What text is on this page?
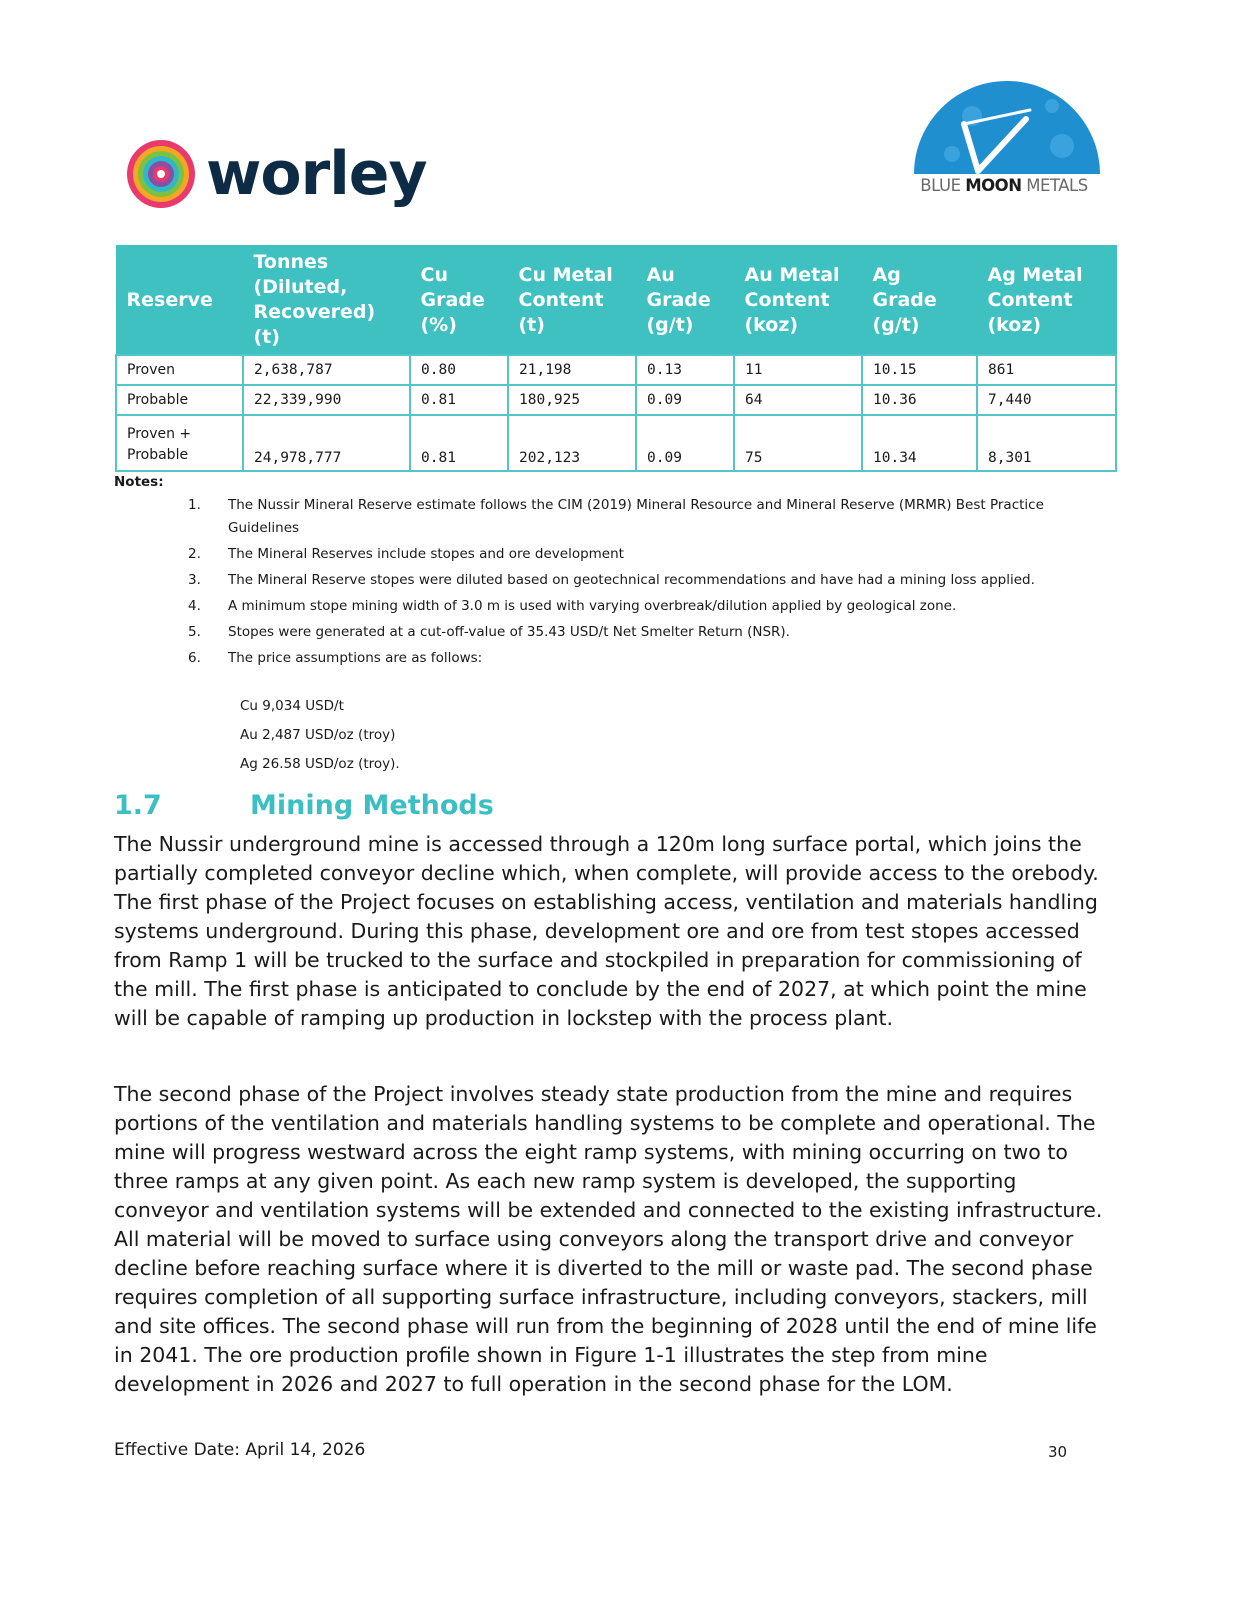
worley	BLUE MOON METALS
Reserve	Tonnes (Diluted, Recovered) (t)	Cu Grade (%)	Cu Metal Content (t)	Au Grade (g/t)	Au Metal Content (koz)	Ag Grade (g/t)	Ag Metal Content (koz)
Proven	2,638,787	0.80	21,198	0.13	11	10.15	861
Probable	22,339,990	0.81	180,925	0.09	64	10.36	7,440
Proven + Probable	24,978,777	0.81	202,123	0.09	75	10.34	8,301
Notes:
1. The Nussir Mineral Reserve estimate follows the CIM (2019) Mineral Resource and Mineral Reserve (MRMR) Best Practice Guidelines
2. The Mineral Reserves include stopes and ore development
3. The Mineral Reserve stopes were diluted based on geotechnical recommendations and have had a mining loss applied.
4. A minimum stope mining width of 3.0 m is used with varying overbreak/dilution applied by geological zone.
5. Stopes were generated at a cut-off-value of 35.43 USD/t Net Smelter Return (NSR).
6. The price assumptions are as follows:
Cu 9,034 USD/t
Au 2,487 USD/oz (troy)
Ag 26.58 USD/oz (troy).
1.7	Mining Methods

The Nussir underground mine is accessed through a 120m long surface portal, which joins the partially completed conveyor decline which, when complete, will provide access to the orebody. The first phase of the Project focuses on establishing access, ventilation and materials handling systems underground. During this phase, development ore and ore from test stopes accessed from Ramp 1 will be trucked to the surface and stockpiled in preparation for commissioning of the mill. The first phase is anticipated to conclude by the end of 2027, at which point the mine will be capable of ramping up production in lockstep with the process plant.

The second phase of the Project involves steady state production from the mine and requires portions of the ventilation and materials handling systems to be complete and operational. The mine will progress westward across the eight ramp systems, with mining occurring on two to three ramps at any given point. As each new ramp system is developed, the supporting conveyor and ventilation systems will be extended and connected to the existing infrastructure. All material will be moved to surface using conveyors along the transport drive and conveyor decline before reaching surface where it is diverted to the mill or waste pad. The second phase requires completion of all supporting surface infrastructure, including conveyors, stackers, mill and site offices. The second phase will run from the beginning of 2028 until the end of mine life in 2041. The ore production profile shown in Figure 1-1 illustrates the step from mine development in 2026 and 2027 to full operation in the second phase for the LOM.

Effective Date: April 14, 2026	30
